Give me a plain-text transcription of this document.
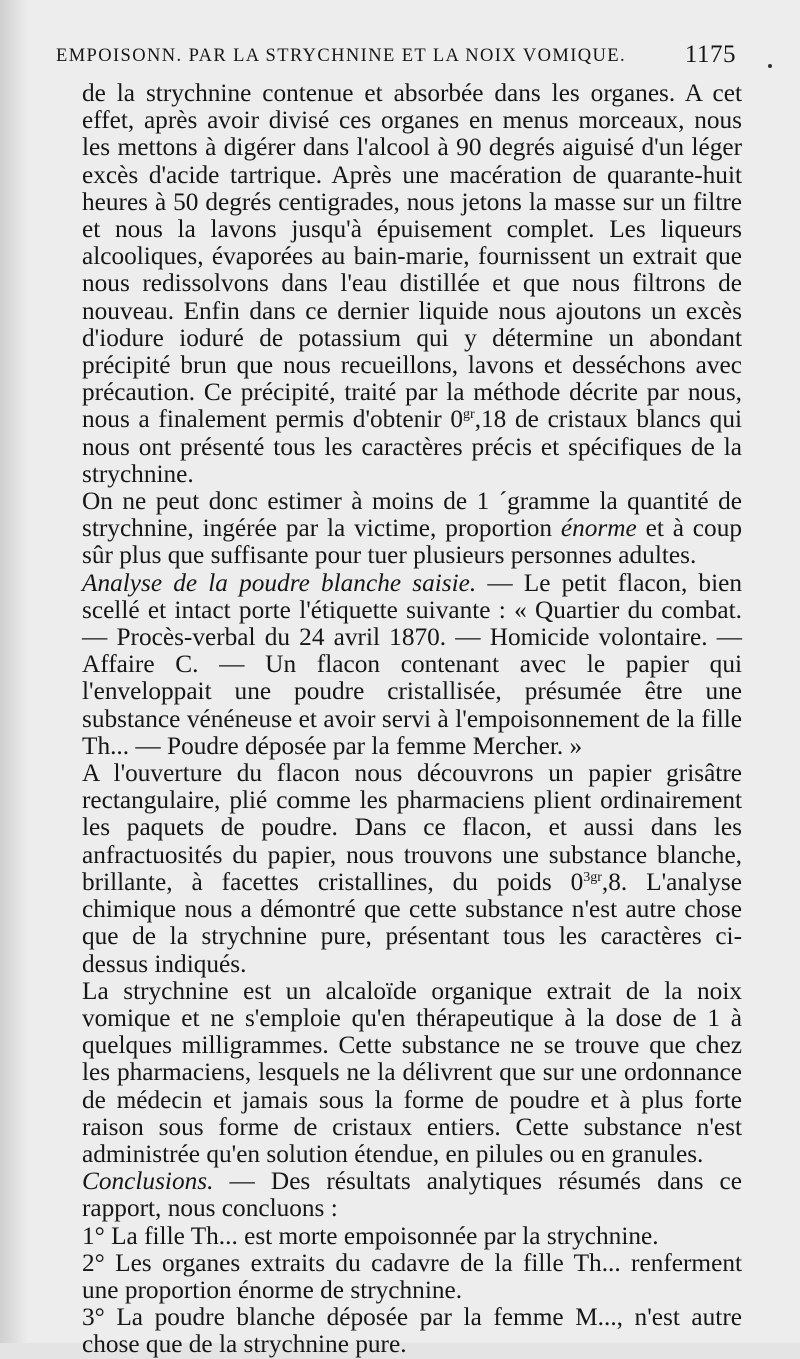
EMPOISONN. PAR LA STRYCHNINE ET LA NOIX VOMIQUE. 1175

de la strychnine contenue et absorbée dans les organes. A cet effet, après avoir divisé ces organes en menus morceaux, nous les mettons à digérer dans l'alcool à 90 degrés aiguisé d'un léger excès d'acide tartrique. Après une macération de quarante-huit heures à 50 degrés centigrades, nous jetons la masse sur un filtre et nous la lavons jusqu'à épuisement complet. Les liqueurs alcooliques, évaporées au bain-marie, fournissent un extrait que nous redissolvons dans l'eau distillée et que nous filtrons de nouveau. Enfin dans ce dernier liquide nous ajoutons un excès d'iodure ioduré de potassium qui y détermine un abondant précipité brun que nous recueillons, lavons et desséchons avec précaution. Ce précipité, traité par la méthode décrite par nous, nous a finalement permis d'obtenir $0^{gr},18$ de cristaux blancs qui nous ont présenté tous les caractères précis et spécifiques de la strychnine.

On ne peut donc estimer à moins de 1 ´gramme la quantité de strychnine, ingérée par la victime, proportion énorme et à coup sûr plus que suffisante pour tuer plusieurs personnes adultes.

Analyse de la poudre blanche saisie. — Le petit flacon, bien scellé et intact porte l'étiquette suivante : « Quartier du combat. — Procès-verbal du 24 avril 1870. — Homicide volontaire. — Affaire C. — Un flacon contenant avec le papier qui l'enveloppait une poudre cristallisée, présumée être une substance vénéneuse et avoir servi à l'empoisonnement de la fille Th... — Poudre déposée par la femme Mercher. »

A l'ouverture du flacon nous découvrons un papier grisâtre rectangulaire, plié comme les pharmaciens plient ordinairement les paquets de poudre. Dans ce flacon, et aussi dans les anfractuosités du papier, nous trouvons une substance blanche, brillante, à facettes cristallines, du poids $0^{3gr},8$. L'analyse chimique nous a démontré que cette substance n'est autre chose que de la strychnine pure, présentant tous les caractères ci-dessus indiqués.

La strychnine est un alcaloïde organique extrait de la noix vomique et ne s'emploie qu'en thérapeutique à la dose de 1 à quelques milligrammes. Cette substance ne se trouve que chez les pharmaciens, lesquels ne la délivrent que sur une ordonnance de médecin et jamais sous la forme de poudre et à plus forte raison sous forme de cristaux entiers. Cette substance n'est administrée qu'en solution étendue, en pilules ou en granules.

Conclusions. — Des résultats analytiques résumés dans ce rapport, nous concluons :

1° La fille Th... est morte empoisonnée par la strychnine.

2° Les organes extraits du cadavre de la fille Th... renferment une proportion énorme de strychnine.

3° La poudre blanche déposée par la femme M..., n'est autre chose que de la strychnine pure.
